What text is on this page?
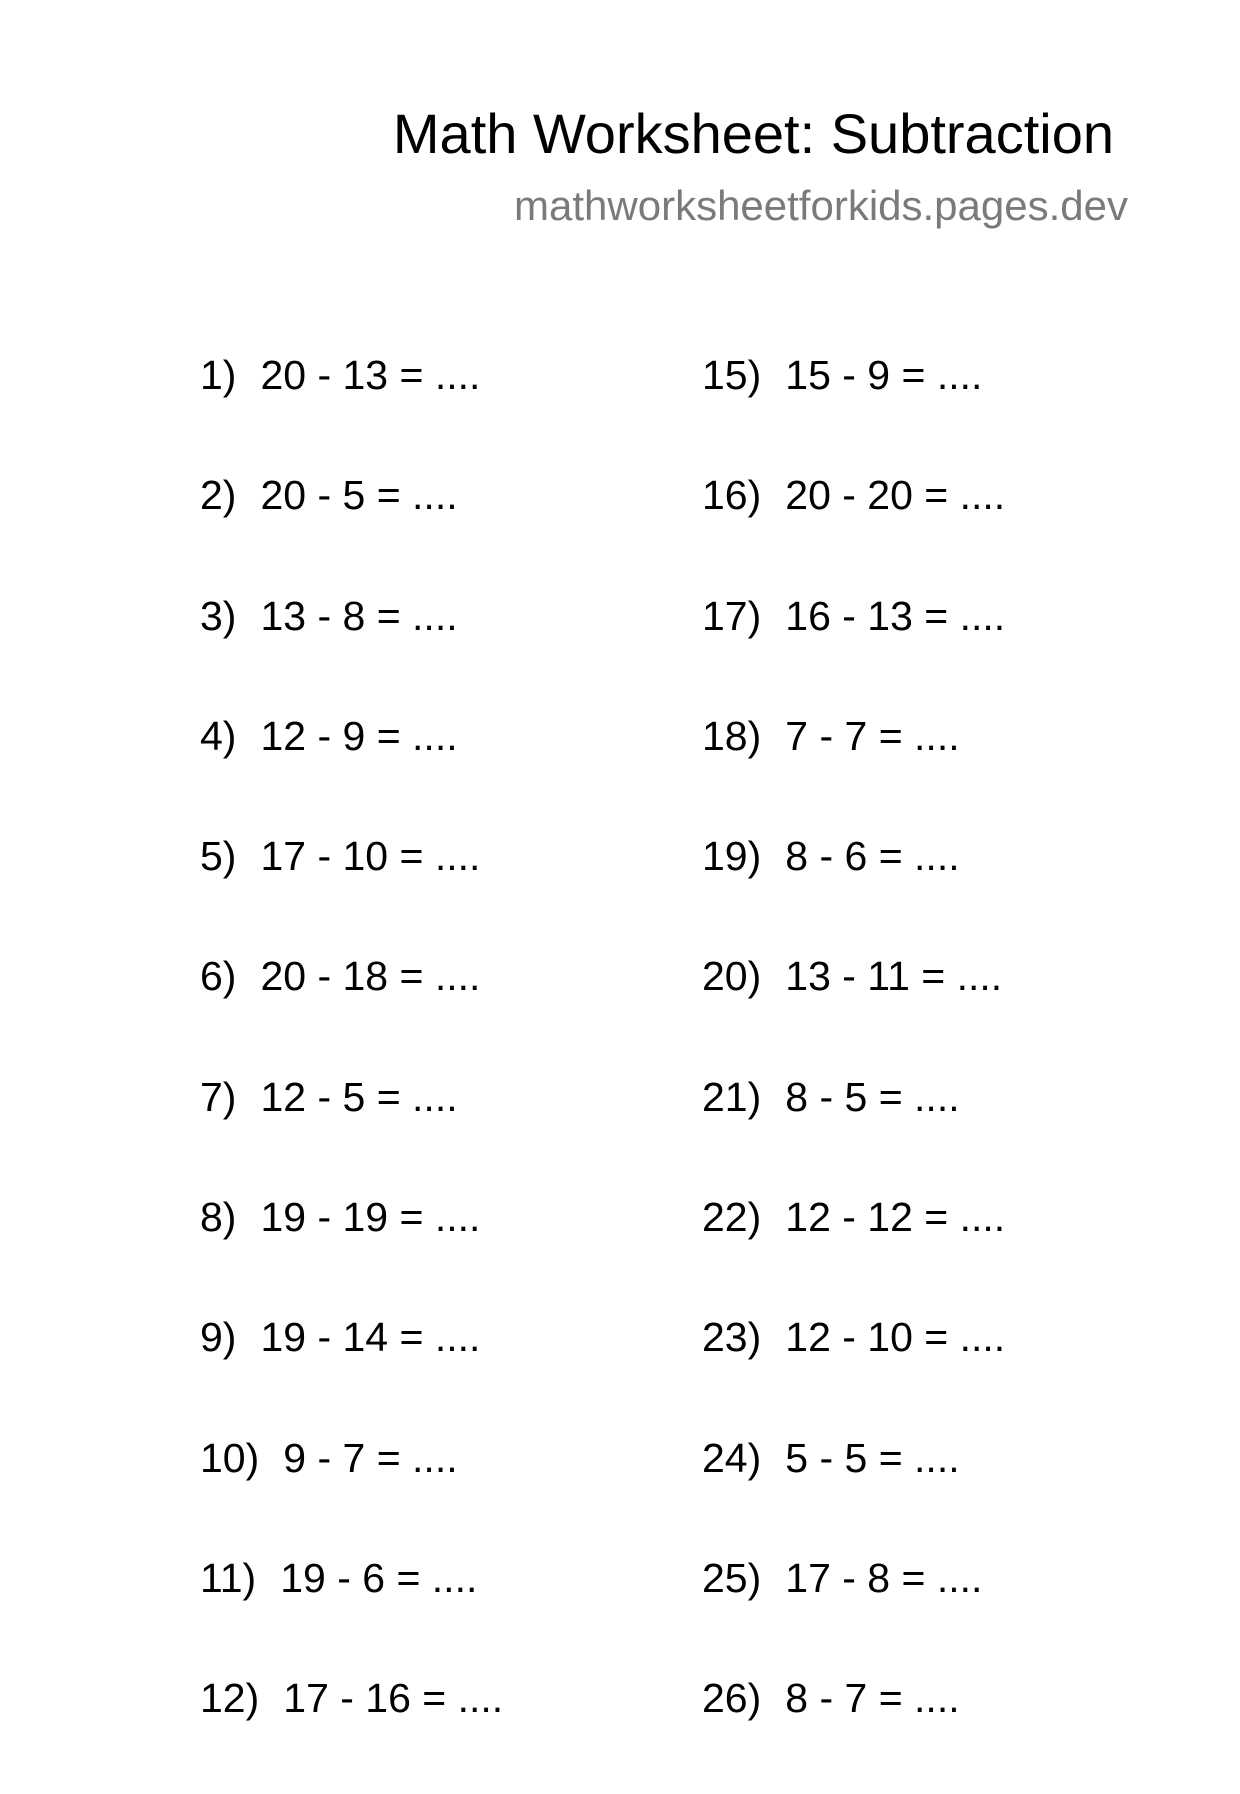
Math Worksheet: Subtraction
mathworksheetforkids.pages.dev
1) 20 - 13 = ....
2) 20 - 5 = ....
3) 13 - 8 = ....
4) 12 - 9 = ....
5) 17 - 10 = ....
6) 20 - 18 = ....
7) 12 - 5 = ....
8) 19 - 19 = ....
9) 19 - 14 = ....
10) 9 - 7 = ....
11) 19 - 6 = ....
12) 17 - 16 = ....
15) 15 - 9 = ....
16) 20 - 20 = ....
17) 16 - 13 = ....
18) 7 - 7 = ....
19) 8 - 6 = ....
20) 13 - 11 = ....
21) 8 - 5 = ....
22) 12 - 12 = ....
23) 12 - 10 = ....
24) 5 - 5 = ....
25) 17 - 8 = ....
26) 8 - 7 = ....
